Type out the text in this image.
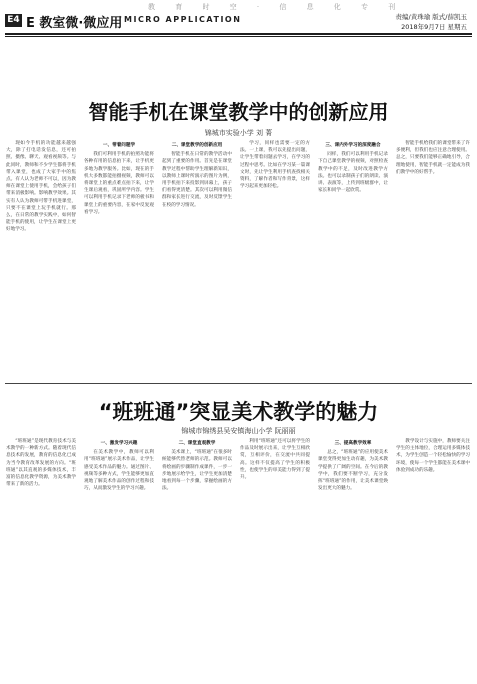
教 育 时 空 · 信 息 化 专 刊
E4 E 教室微·微应用 MICRO APPLICATION	责编/黄珠瑜 版式/薛凯玉
2018年9月7日 星期五
智能手机在课堂教学中的创新应用
锦城市实验小学 刘 菁

现如今手机的功能越来越强大，除了打电话发信息，还可拍照、摄像、聊天、观看视频等。与此同时，教师和不少学生都将手机带入课堂，也成了大家手中的焦点。有人认为老师不可以，因为教师在课堂上使用手机，会给孩子们带来消极影响。影响教学效果。其实有人认为教师可带手机进课堂，只要不在课堂上玩手机就行。那么，在日常的教学实践中，如何智能手机的使用，让学生在课堂上更好地学习。

一、带着问题学

我们可利用手机的拍照功能将各种有用的信息拍下来，让手机更多地为教学服务。比如，现在的手机大多数都能拍摄视频，教师可以将课堂上的重点难点拍下来，让学生课后观看，巩固所学内容。学生可以利用手机记录下老师的板书和课堂上的重要内容，在家中反复观看学习。

二、课堂教学的创新应用

智能手机在日常的教学活动中起到了重要的作用。首先是在课堂教学过程中帮助学生理解新知识，以教师上课时所演示的图片为例，用手机拍下来投影到屏幕上，孩子们看得更清楚。其次可以利用微信群和家长进行交流，及时反馈学生在校的学习情况。

学习，同样也需要一定的方法。一上课，我可以先提出问题，让学生带着问题去学习，在学习的过程中思考。比如在学习某一篇课文时，先让学生利用手机查找相关资料，了解作者和写作背景，这样学习起来更加轻松。

三、课内外学习的深度融合

同样，我们可以利用手机记录下自己课堂教学的视频，对照检查教学中的不足，及时改进教学方法。也可以录制孩子们的朗读、演讲、表演等，上传到班级群中，让家长和同学一起欣赏。

智能手机给我们的课堂带来了许多便利，但我们也应注意合理使用。总之，只要我们能够正确地引导，合理地使用，智能手机就一定能成为我们教学中的好帮手。

“班班通”突显美术教学的魅力
锦城市锦绣县吴安镇海山小学 阮丽丽

“班班通”是现代教育技术与美术教学的一种新方式。随着现代信息技术的发展，教育的信息化已成为当今教育改革发展的方向。“班班通”以其直观的多媒体技术，丰富的信息化教学资源，为美术教学带来了新的活力。

一、激发学习兴趣

在美术教学中，教师可以利用“班班通”展示美术作品，让学生感受美术作品的魅力。通过图片、视频等多种方式，学生能够更加直观地了解美术作品的创作过程和技巧，从而激发学生的学习兴趣。

二、课堂直观教学

美术课上，“班班通”在很多时候能够代替老师的示范。教师可以将绘画的步骤制作成课件，一步一步地展示给学生，让学生更加清楚地看到每一个步骤，掌握绘画的方法。

利用“班班通”还可以将学生的作品及时展示出来，让学生互相欣赏，互相评价，在交流中共同提高。这样不仅提高了学生的积极性，也使学生的审美能力得到了提升。

三、提高教学效率

总之，“班班通”的应用使美术课堂变得更加生动有趣，为美术教学提供了广阔的空间。在今后的教学中，我们要不断学习，充分发挥“班班通”的作用，让美术课堂焕发出更大的魅力。

教学设计与实施中，教师要关注学生的主体地位，合理运用多媒体技术，为学生创造一个轻松愉快的学习环境，使每一个学生都能在美术课中体验到成功的乐趣。
